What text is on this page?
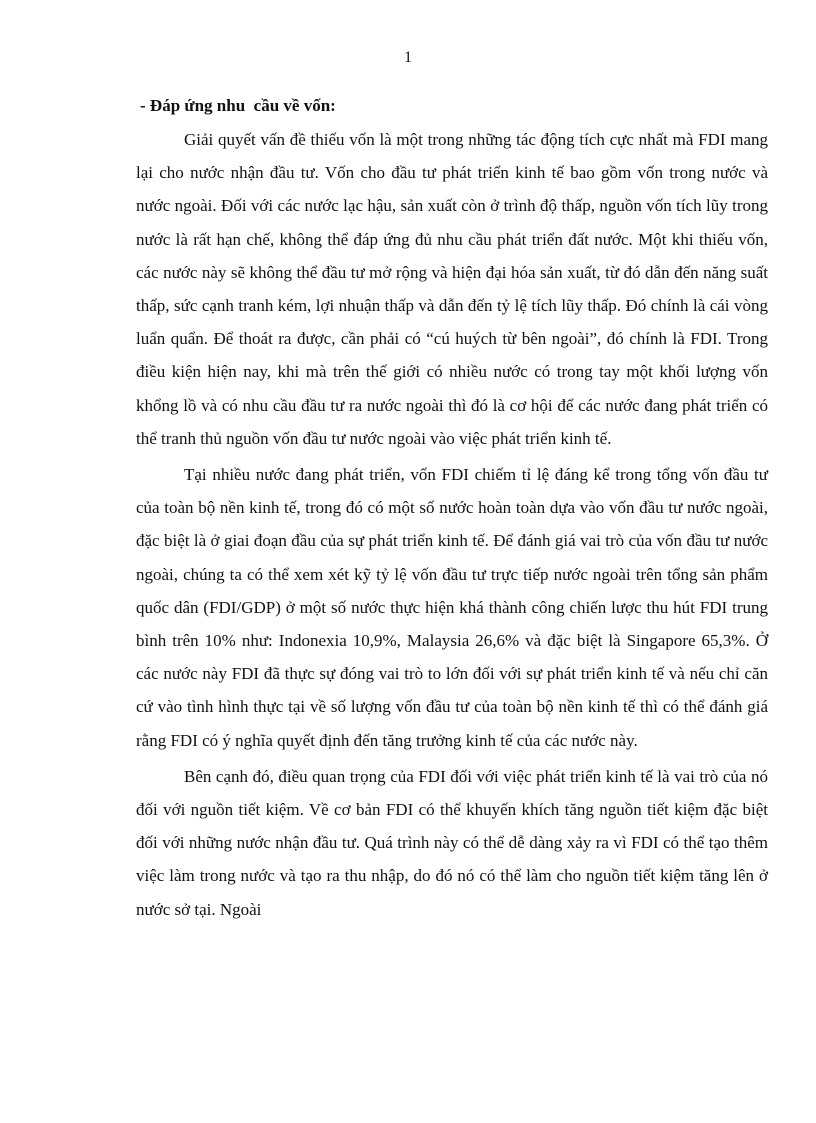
1

- Đáp ứng nhu  cầu về vốn:

Giải quyết vấn đề thiếu vốn là một trong những tác động tích cực nhất mà FDI mang lại cho nước nhận đầu tư. Vốn cho đầu tư phát triển kinh tế bao gồm vốn trong nước và nước ngoài. Đối với các nước lạc hậu, sản xuất còn ở trình độ thấp, nguồn vốn tích lũy trong nước là rất hạn chế, không thể đáp ứng đủ nhu cầu phát triển đất nước. Một khi thiếu vốn, các nước này sẽ không thể đầu tư mở rộng và hiện đại hóa sản xuất, từ đó dẫn đến năng suất thấp, sức cạnh tranh kém, lợi nhuận thấp và dẫn đến tỷ lệ tích lũy thấp. Đó chính là cái vòng luẩn quẩn. Để thoát ra được, cần phải có “cú huých từ bên ngoài”, đó chính là FDI. Trong điều kiện hiện nay, khi mà trên thế giới có nhiều nước có trong tay một khối lượng vốn khổng lồ và có nhu cầu đầu tư ra nước ngoài thì đó là cơ hội để các nước đang phát triển có thể tranh thủ nguồn vốn đầu tư nước ngoài vào việc phát triển kinh tế.

Tại nhiều nước đang phát triển, vốn FDI chiếm tỉ lệ đáng kể trong tổng vốn đầu tư của toàn bộ nền kinh tế, trong đó có một số nước hoàn toàn dựa vào vốn đầu tư nước ngoài, đặc biệt là ở giai đoạn đầu của sự phát triển kinh tế. Để đánh giá vai trò của vốn đầu tư nước ngoài, chúng ta có thể xem xét kỹ tỷ lệ vốn đầu tư trực tiếp nước ngoài trên tổng sản phẩm quốc dân (FDI/GDP) ở một số nước thực hiện khá thành công chiến lược thu hút FDI trung bình trên 10% như: Indonexia 10,9%, Malaysia 26,6% và đặc biệt là Singapore 65,3%. Ở các nước này FDI đã thực sự đóng vai trò to lớn đối với sự phát triển kinh tế và nếu chỉ căn cứ vào tình hình thực tại về số lượng vốn đầu tư của toàn bộ nền kinh tế thì có thể đánh giá rằng FDI có ý nghĩa quyết định đến tăng trưởng kinh tế của các nước này.

Bên cạnh đó, điều quan trọng của FDI đối với việc phát triển kinh tế là vai trò của nó đối với nguồn tiết kiệm. Về cơ bản FDI có thể khuyến khích tăng nguồn tiết kiệm đặc biệt đối với những nước nhận đầu tư. Quá trình này có thể dễ dàng xảy ra vì FDI có thể tạo thêm việc làm trong nước và tạo ra thu nhập, do đó nó có thể làm cho nguồn tiết kiệm tăng lên ở nước sở tại. Ngoài
